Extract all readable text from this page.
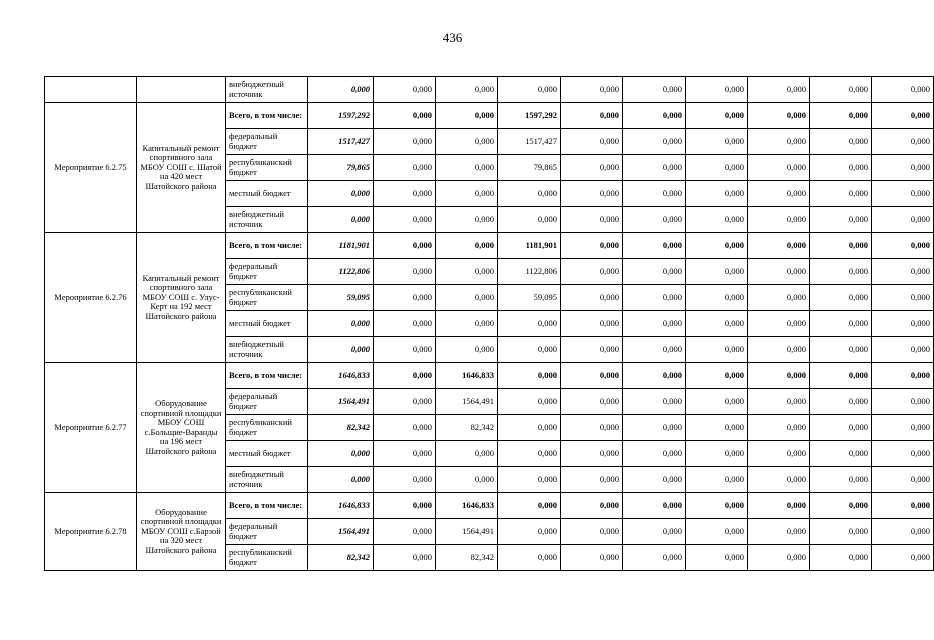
436
		внебюджетный источник	0,000	0,000	0,000	0,000	0,000	0,000	0,000	0,000	0,000	0,000
Мероприятие 6.2.75	Капитальный ремонт спортивного зала МБОУ СОШ с. Шатой на 420 мест Шатойского района	Всего, в том числе:	1597,292	0,000	0,000	1597,292	0,000	0,000	0,000	0,000	0,000	0,000
		федеральный бюджет	1517,427	0,000	0,000	1517,427	0,000	0,000	0,000	0,000	0,000	0,000
		республиканский бюджет	79,865	0,000	0,000	79,865	0,000	0,000	0,000	0,000	0,000	0,000
		местный бюджет	0,000	0,000	0,000	0,000	0,000	0,000	0,000	0,000	0,000	0,000
		внебюджетный источник	0,000	0,000	0,000	0,000	0,000	0,000	0,000	0,000	0,000	0,000
Мероприятие 6.2.76	Капитальный ремонт спортивного зала МБОУ СОШ с. Улус-Керт на 192 мест Шатойского района	Всего, в том числе:	1181,901	0,000	0,000	1181,901	0,000	0,000	0,000	0,000	0,000	0,000
		федеральный бюджет	1122,806	0,000	0,000	1122,806	0,000	0,000	0,000	0,000	0,000	0,000
		республиканский бюджет	59,095	0,000	0,000	59,095	0,000	0,000	0,000	0,000	0,000	0,000
		местный бюджет	0,000	0,000	0,000	0,000	0,000	0,000	0,000	0,000	0,000	0,000
		внебюджетный источник	0,000	0,000	0,000	0,000	0,000	0,000	0,000	0,000	0,000	0,000
Мероприятие 6.2.77	Оборудование спортивной площадки МБОУ СОШ с.Больщие-Варанды на 196 мест Шатойского района	Всего, в том числе:	1646,833	0,000	1646,833	0,000	0,000	0,000	0,000	0,000	0,000	0,000
		федеральный бюджет	1564,491	0,000	1564,491	0,000	0,000	0,000	0,000	0,000	0,000	0,000
		республиканский бюджет	82,342	0,000	82,342	0,000	0,000	0,000	0,000	0,000	0,000	0,000
		местный бюджет	0,000	0,000	0,000	0,000	0,000	0,000	0,000	0,000	0,000	0,000
		внебюджетный источник	0,000	0,000	0,000	0,000	0,000	0,000	0,000	0,000	0,000	0,000
Мероприятие 6.2.78	Оборудование спортивной площадки МБОУ СОШ с.Барзой на 320 мест Шатойского района	Всего, в том числе:	1646,833	0,000	1646,833	0,000	0,000	0,000	0,000	0,000	0,000	0,000
		федеральный бюджет	1564,491	0,000	1564,491	0,000	0,000	0,000	0,000	0,000	0,000	0,000
		республиканский бюджет	82,342	0,000	82,342	0,000	0,000	0,000	0,000	0,000	0,000	0,000
